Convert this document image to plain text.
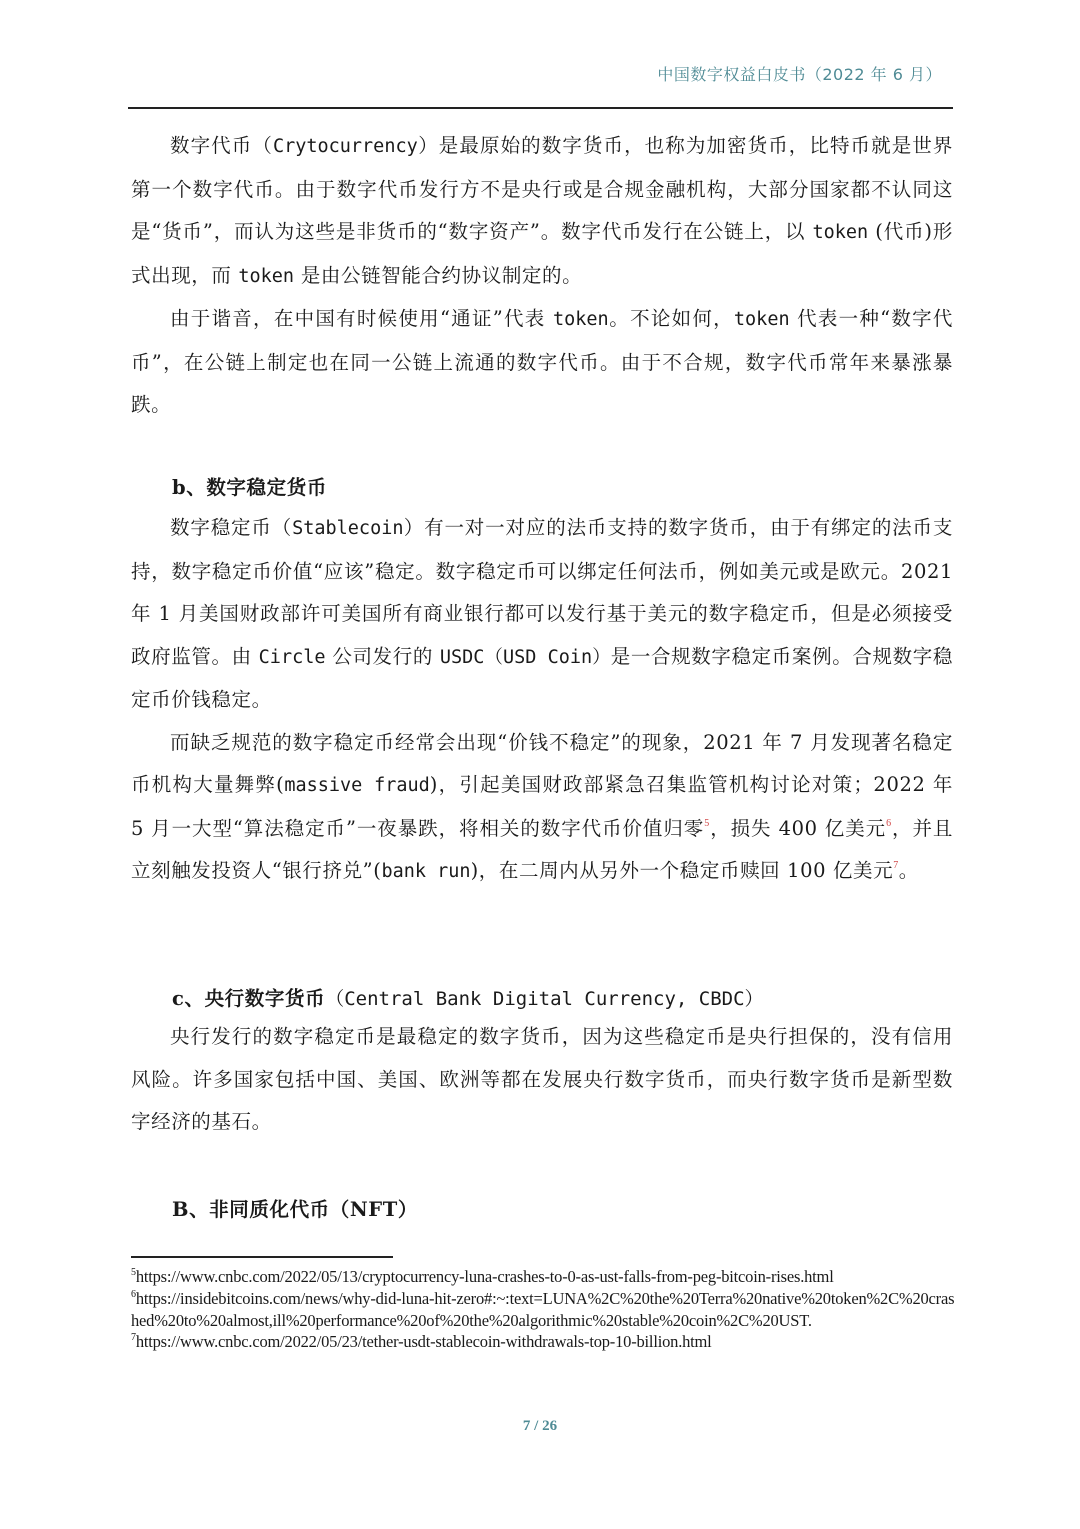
中国数字权益白皮书（2022 年 6 月）

数字代币（Crytocurrency）是最原始的数字货币，也称为加密货币，比特币就是世界第一个数字代币。由于数字代币发行方不是央行或是合规金融机构，大部分国家都不认同这是“货币”，而认为这些是非货币的“数字资产”。数字代币发行在公链上，以 token (代币)形式出现，而 token 是由公链智能合约协议制定的。

由于谐音，在中国有时候使用“通证”代表 token。不论如何，token 代表一种“数字代币”，在公链上制定也在同一公链上流通的数字代币。由于不合规，数字代币常年来暴涨暴跌。

b、数字稳定货币

数字稳定币（Stablecoin）有一对一对应的法币支持的数字货币，由于有绑定的法币支持，数字稳定币价值“应该”稳定。数字稳定币可以绑定任何法币，例如美元或是欧元。2021 年 1 月美国财政部许可美国所有商业银行都可以发行基于美元的数字稳定币，但是必须接受政府监管。由 Circle 公司发行的 USDC（USD Coin）是一合规数字稳定币案例。合规数字稳定币价钱稳定。

而缺乏规范的数字稳定币经常会出现“价钱不稳定”的现象，2021 年 7 月发现著名稳定币机构大量舞弊(massive fraud)，引起美国财政部紧急召集监管机构讨论对策；2022 年 5 月一大型“算法稳定币”一夜暴跌，将相关的数字代币价值归零$^5$，损失 400 亿美元$^6$，并且立刻触发投资人“银行挤兑”(bank run)，在二周内从另外一个稳定币赎回 100 亿美元$^7$。

c、央行数字货币（Central Bank Digital Currency, CBDC）

央行发行的数字稳定币是最稳定的数字货币，因为这些稳定币是央行担保的，没有信用风险。许多国家包括中国、美国、欧洲等都在发展央行数字货币，而央行数字货币是新型数字经济的基石。

B、非同质化代币（NFT）

$^5$https://www.cnbc.com/2022/05/13/cryptocurrency-luna-crashes-to-0-as-ust-falls-from-peg-bitcoin-rises.html

$^6$https://insidebitcoins.com/news/why-did-luna-hit-zero#:~:text=LUNA%2C%20the%20Terra%20native%20token%2C%20crashed%20to%20almost,ill%20performance%20of%20the%20algorithmic%20stable%20coin%2C%20UST.

$^7$https://www.cnbc.com/2022/05/23/tether-usdt-stablecoin-withdrawals-top-10-billion.html

7 / 26
